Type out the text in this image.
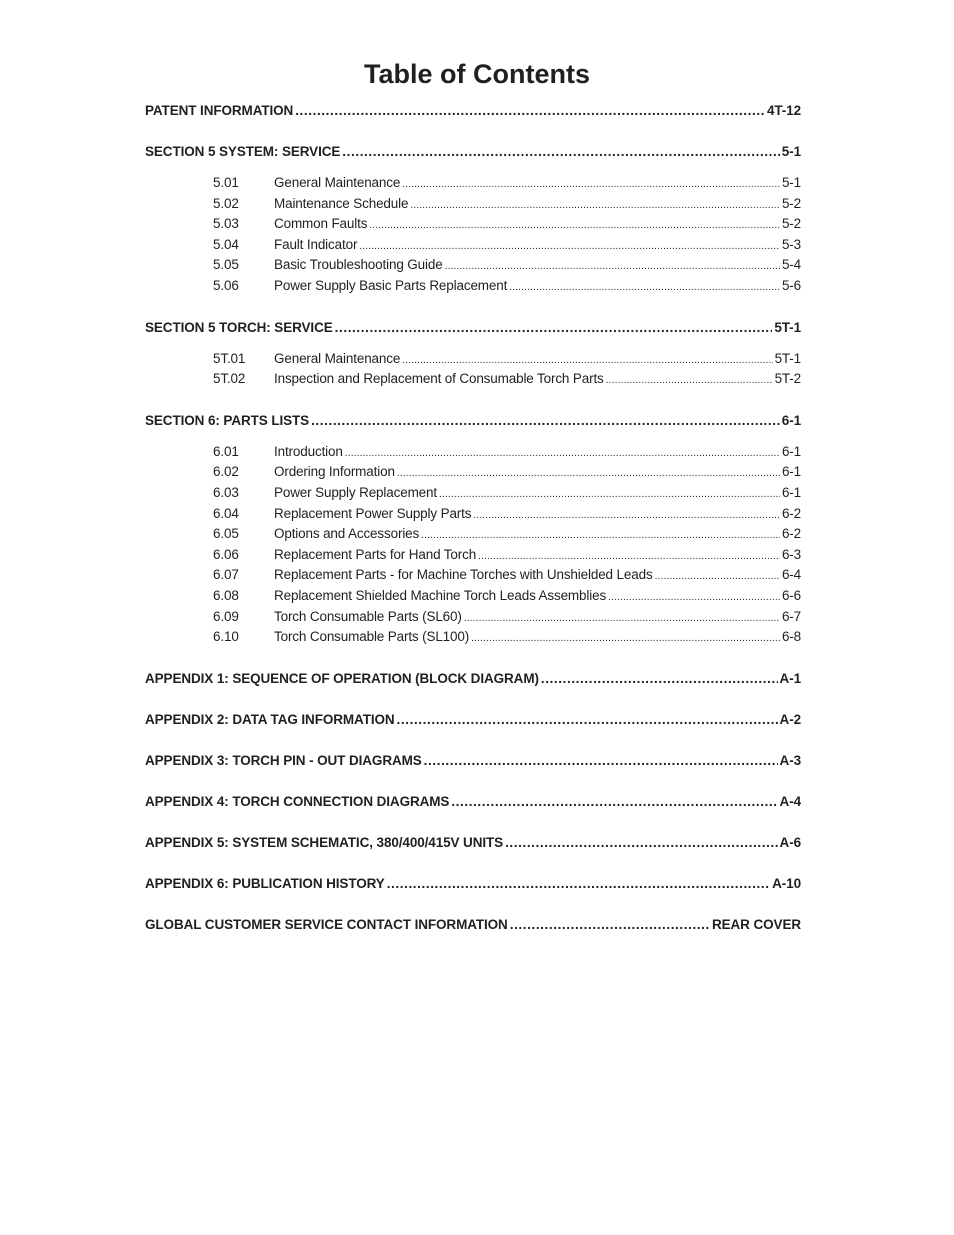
Table of Contents
PATENT INFORMATION .....	4T-12
SECTION 5 SYSTEM: SERVICE .....	5-1
5.01	General Maintenance .....	5-1
5.02	Maintenance Schedule .....	5-2
5.03	Common Faults .....	5-2
5.04	Fault Indicator .....	5-3
5.05	Basic Troubleshooting Guide .....	5-4
5.06	Power Supply Basic Parts Replacement .....	5-6
SECTION 5 TORCH: SERVICE .....	5T-1
5T.01	General Maintenance .....	5T-1
5T.02	Inspection and Replacement of Consumable Torch Parts .....	5T-2
SECTION 6: PARTS LISTS .....	6-1
6.01	Introduction .....	6-1
6.02	Ordering Information .....	6-1
6.03	Power Supply Replacement .....	6-1
6.04	Replacement Power Supply Parts .....	6-2
6.05	Options and Accessories .....	6-2
6.06	Replacement Parts for Hand Torch .....	6-3
6.07	Replacement Parts - for Machine Torches with Unshielded Leads .....	6-4
6.08	Replacement Shielded Machine Torch Leads Assemblies .....	6-6
6.09	Torch Consumable Parts (SL60) .....	6-7
6.10	Torch Consumable Parts (SL100) .....	6-8
APPENDIX 1: SEQUENCE OF OPERATION (BLOCK DIAGRAM) .....	A-1
APPENDIX 2: DATA TAG INFORMATION .....	A-2
APPENDIX 3: TORCH PIN - OUT DIAGRAMS .....	A-3
APPENDIX 4: TORCH CONNECTION DIAGRAMS .....	A-4
APPENDIX 5: SYSTEM SCHEMATIC, 380/400/415V UNITS .....	A-6
APPENDIX 6: PUBLICATION HISTORY .....	A-10
GLOBAL CUSTOMER SERVICE CONTACT INFORMATION .....	REAR COVER
